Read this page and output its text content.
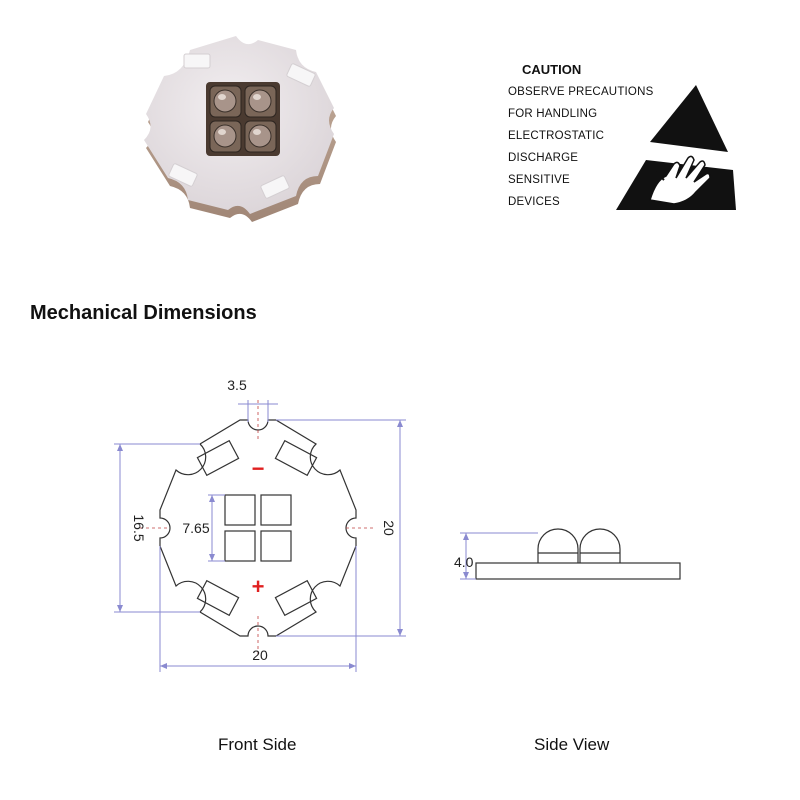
CAUTION
OBSERVE PRECAUTIONS
FOR HANDLING
ELECTROSTATIC
DISCHARGE
SENSITIVE
DEVICES
Mechanical Dimensions
−
+
3.5
7.65
20
20
16.5
4.0
Front Side	Side View
